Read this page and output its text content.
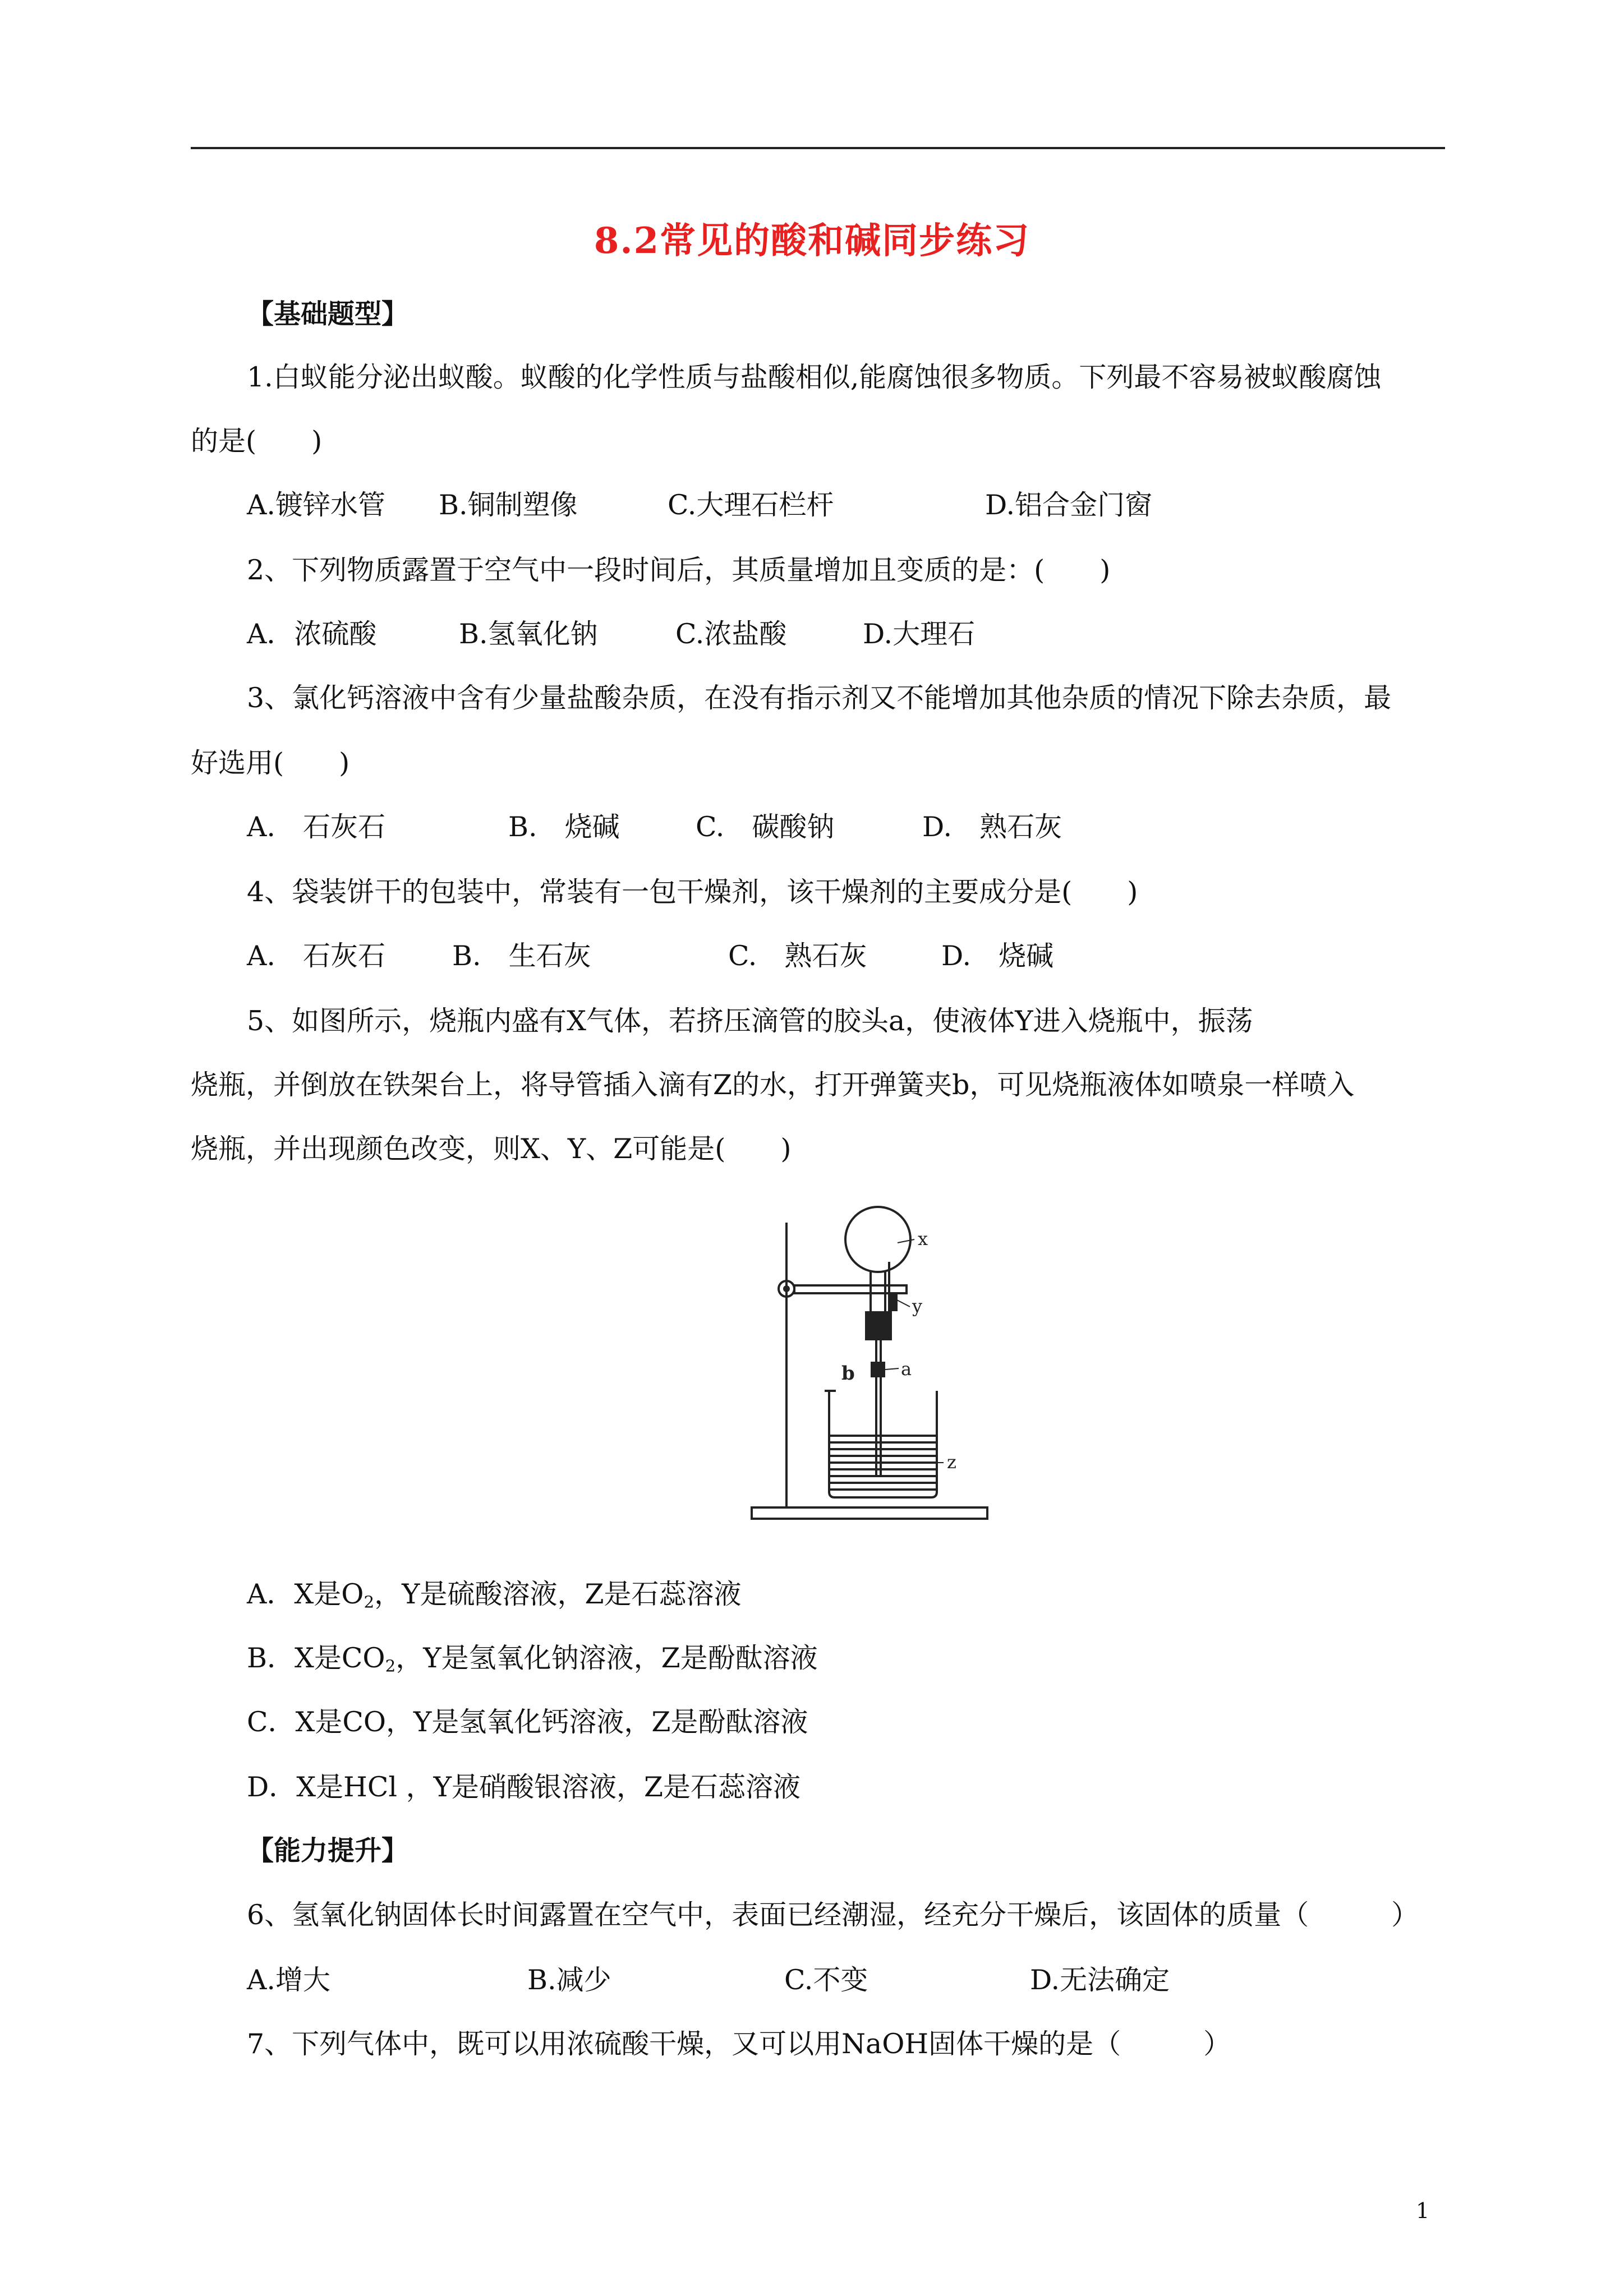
8.2常见的酸和碱同步练习
【基础题型】
1.白蚁能分泌出蚁酸。蚁酸的化学性质与盐酸相似,能腐蚀很多物质。下列最不容易被蚁酸腐蚀
的是(　　)
A.镀锌水管 B.铜制塑像	C.大理石栏杆	D.铝合金门窗
2、下列物质露置于空气中一段时间后，其质量增加且变质的是：(　　)
A．浓硫酸	B.氢氧化钠	C.浓盐酸	D.大理石
3、氯化钙溶液中含有少量盐酸杂质，在没有指示剂又不能增加其他杂质的情况下除去杂质，最
好选用(　　)
A.　石灰石	B.　烧碱	C.　碳酸钠	D.　熟石灰
4、袋装饼干的包装中，常装有一包干燥剂，该干燥剂的主要成分是(　　)
A.　石灰石 B.　生石灰	C.　熟石灰	D.　烧碱
5、如图所示，烧瓶内盛有X气体，若挤压滴管的胶头a，使液体Y进入烧瓶中，振荡
烧瓶，并倒放在铁架台上，将导管插入滴有Z的水，打开弹簧夹b，可见烧瓶液体如喷泉一样喷入
烧瓶，并出现颜色改变，则X、Y、Z可能是(　　)
x
y
a
b
z
A．X是$O_2$，Y是硫酸溶液，Z是石蕊溶液
B．X是$CO_2$，Y是氢氧化钠溶液，Z是酚酞溶液
C．X是CO，Y是氢氧化钙溶液，Z是酚酞溶液
D．X是HCl ，Y是硝酸银溶液，Z是石蕊溶液
【能力提升】
6、氢氧化钠固体长时间露置在空气中，表面已经潮湿，经充分干燥后，该固体的质量（　　　）
A.增大	B.减少	C.不变	D.无法确定
7、下列气体中，既可以用浓硫酸干燥，又可以用NaOH固体干燥的是（　　　）
1
